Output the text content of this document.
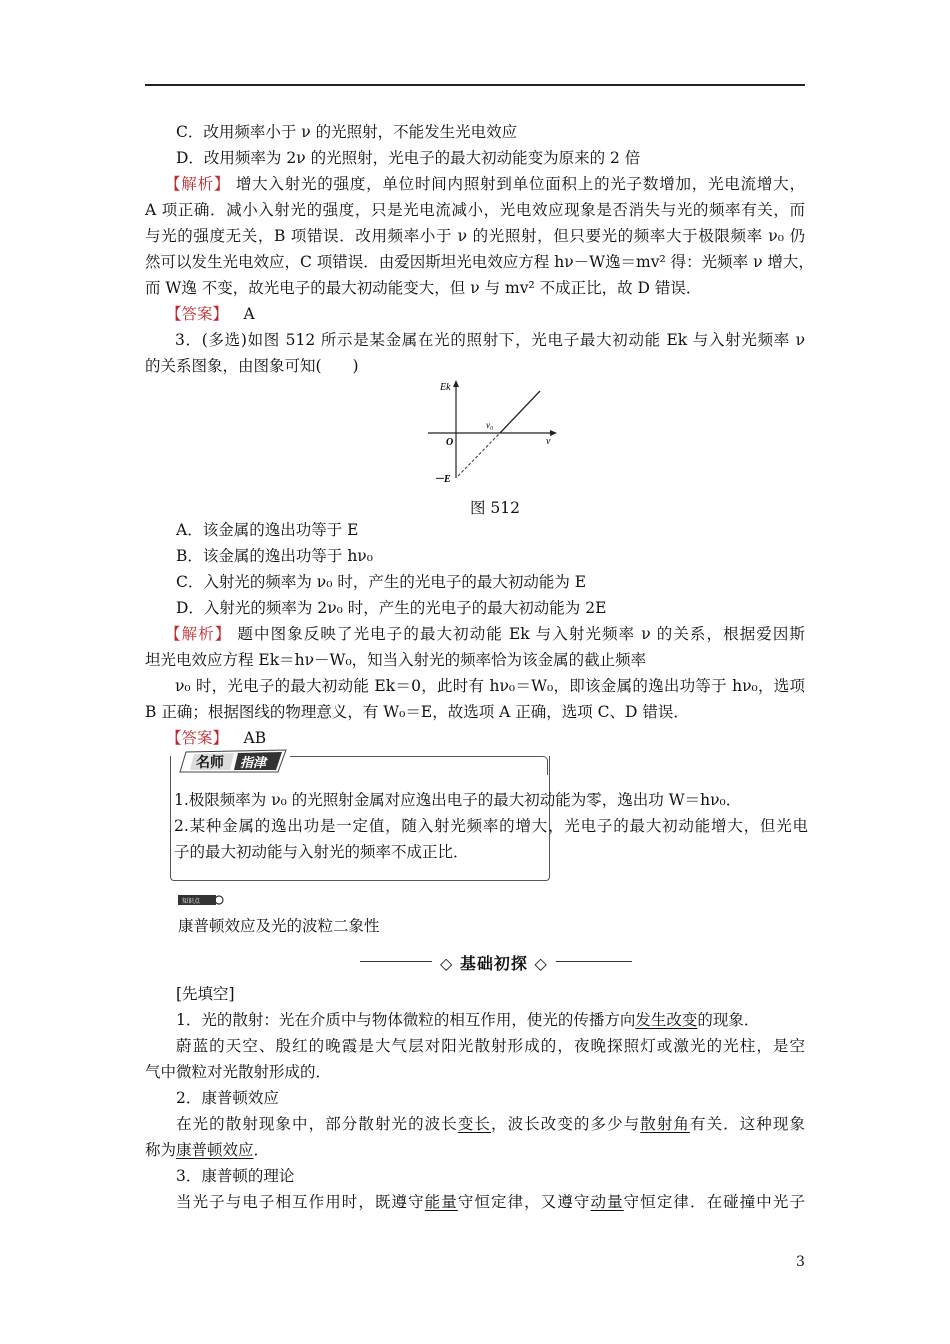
C．改用频率小于 ν 的光照射，不能发生光电效应
D．改用频率为 2ν 的光照射，光电子的最大初动能变为原来的 2 倍
【解析】 增大入射光的强度，单位时间内照射到单位面积上的光子数增加，光电流增大，
A 项正确．减小入射光的强度，只是光电流减小，光电效应现象是否消失与光的频率有关，而
与光的强度无关，B 项错误．改用频率小于 ν 的光照射，但只要光的频率大于极限频率 ν₀ 仍
然可以发生光电效应，C 项错误．由爱因斯坦光电效应方程 hν－W逸＝mv² 得：光频率 ν 增大，
而 W逸 不变，故光电子的最大初动能变大，但 ν 与 mv² 不成正比，故 D 错误．
【答案】  A
3．(多选)如图 512 所示是某金属在光的照射下，光电子最大初动能 Ek 与入射光频率 ν
的关系图象，由图象可知(　　)
Ek
ν
O
ν₀
－E
图 512
A．该金属的逸出功等于 E
B．该金属的逸出功等于 hν₀
C．入射光的频率为 ν₀ 时，产生的光电子的最大初动能为 E
D．入射光的频率为 2ν₀ 时，产生的光电子的最大初动能为 2E
【解析】 题中图象反映了光电子的最大初动能 Ek 与入射光频率 ν 的关系，根据爱因斯
坦光电效应方程 Ek＝hν－W₀，知当入射光的频率恰为该金属的截止频率
ν₀ 时，光电子的最大初动能 Ek＝0，此时有 hν₀＝W₀，即该金属的逸出功等于 hν₀，选项
B 正确；根据图线的物理意义，有 W₀＝E，故选项 A 正确，选项 C、D 错误．
【答案】  AB
名师 指津
1.极限频率为 ν₀ 的光照射金属对应逸出电子的最大初动能为零，逸出功 W＝hν₀．
2.某种金属的逸出功是一定值，随入射光频率的增大，光电子的最大初动能增大，但光电
子的最大初动能与入射光的频率不成正比．
知识点
康普顿效应及光的波粒二象性
◇ 基础初探 ◇
[先填空]
1．光的散射：光在介质中与物体微粒的相互作用，使光的传播方向发生改变的现象．
蔚蓝的天空、殷红的晚霞是大气层对阳光散射形成的，夜晚探照灯或激光的光柱，是空
气中微粒对光散射形成的．
2．康普顿效应
在光的散射现象中，部分散射光的波长变长，波长改变的多少与散射角有关．这种现象
称为康普顿效应．
3．康普顿的理论
当光子与电子相互作用时，既遵守能量守恒定律，又遵守动量守恒定律．在碰撞中光子
3
